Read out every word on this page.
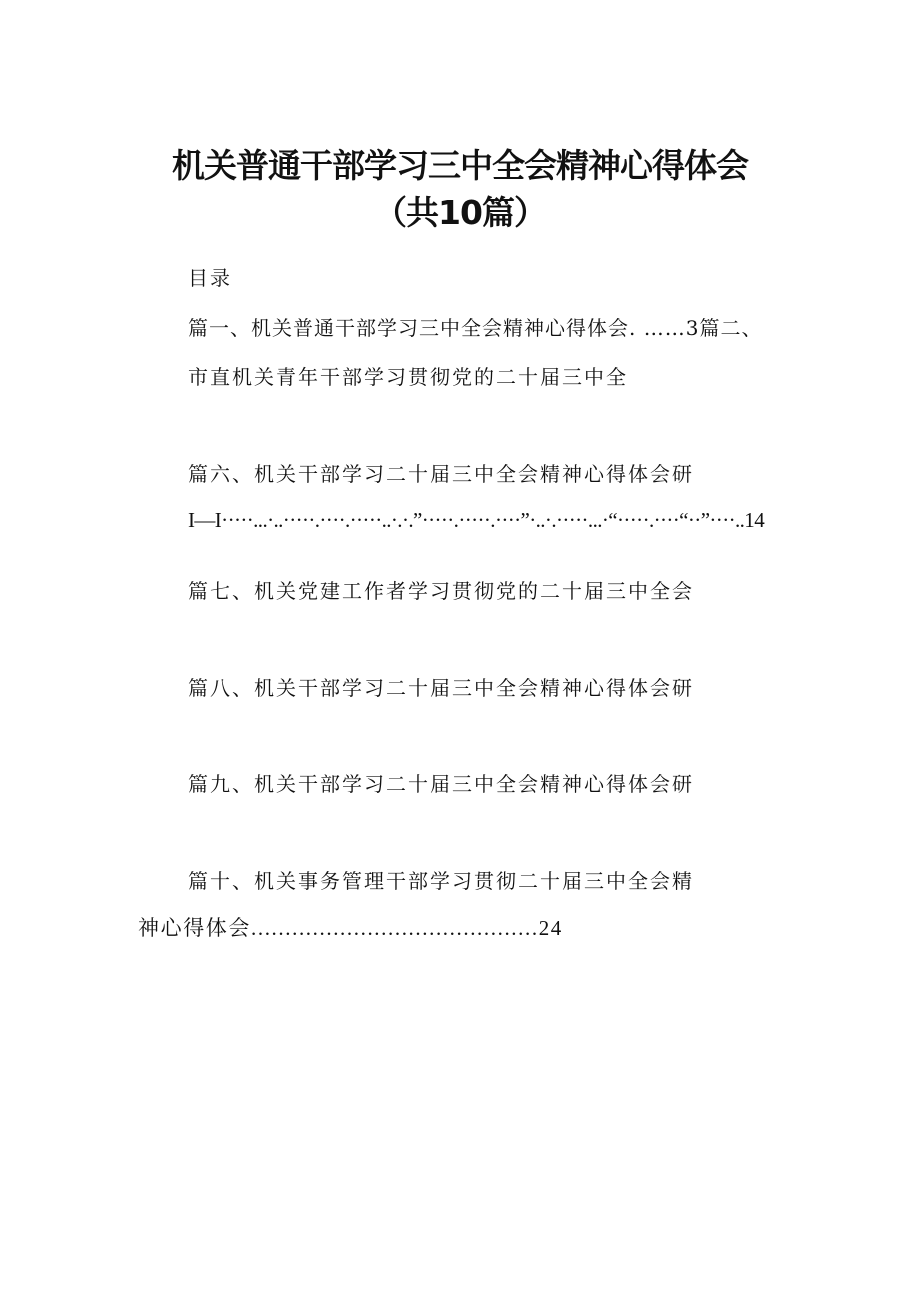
机关普通干部学习三中全会精神心得体会
（共10篇）
目录
篇一、机关普通干部学习三中全会精神心得体会. ……3篇二、
市直机关青年干部学习贯彻党的二十届三中全
篇六、机关干部学习二十届三中全会精神心得体会研
I—I·····...·..·····.····.·····..·.·.”·····.·····.····”·..·.·····...·“·····.····“··”····..14
篇七、机关党建工作者学习贯彻党的二十届三中全会
篇八、机关干部学习二十届三中全会精神心得体会研
篇九、机关干部学习二十届三中全会精神心得体会研
篇十、机关事务管理干部学习贯彻二十届三中全会精
神心得体会..........................................24
